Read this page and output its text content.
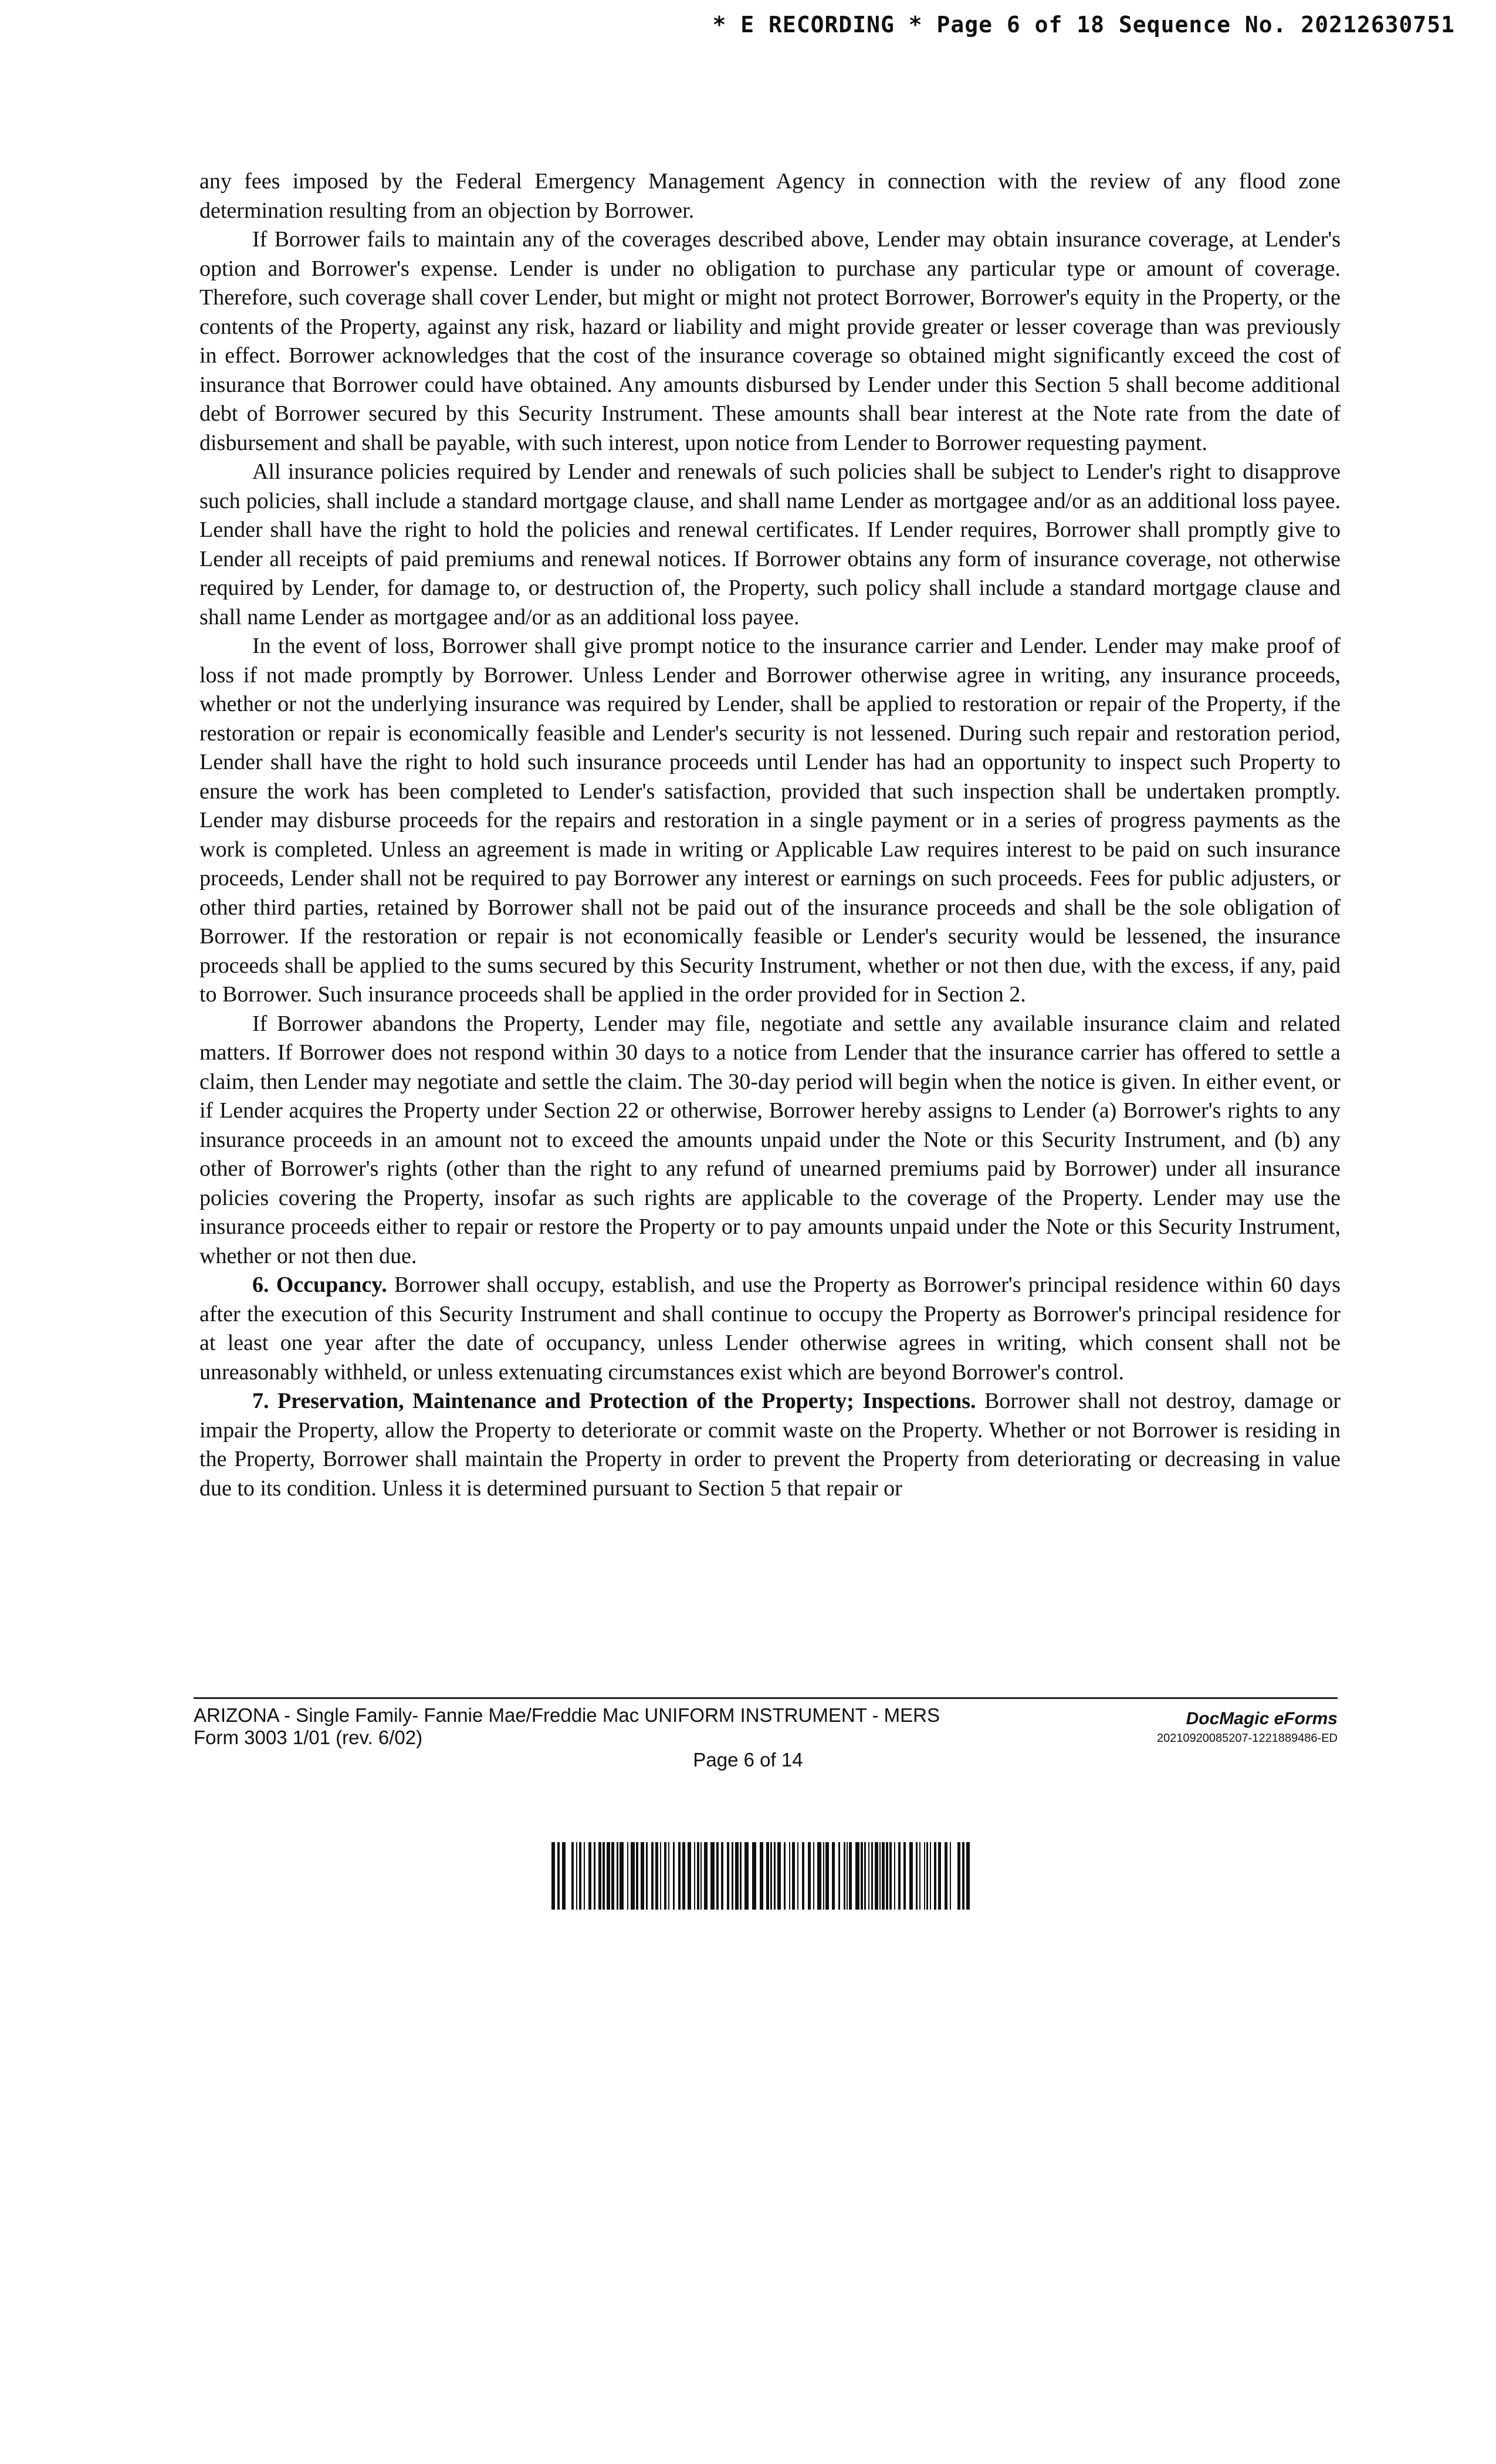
* E RECORDING * Page 6 of 18 Sequence No. 20212630751

any fees imposed by the Federal Emergency Management Agency in connection with the review of any flood zone determination resulting from an objection by Borrower.

If Borrower fails to maintain any of the coverages described above, Lender may obtain insurance coverage, at Lender's option and Borrower's expense. Lender is under no obligation to purchase any particular type or amount of coverage. Therefore, such coverage shall cover Lender, but might or might not protect Borrower, Borrower's equity in the Property, or the contents of the Property, against any risk, hazard or liability and might provide greater or lesser coverage than was previously in effect. Borrower acknowledges that the cost of the insurance coverage so obtained might significantly exceed the cost of insurance that Borrower could have obtained. Any amounts disbursed by Lender under this Section 5 shall become additional debt of Borrower secured by this Security Instrument. These amounts shall bear interest at the Note rate from the date of disbursement and shall be payable, with such interest, upon notice from Lender to Borrower requesting payment.

All insurance policies required by Lender and renewals of such policies shall be subject to Lender's right to disapprove such policies, shall include a standard mortgage clause, and shall name Lender as mortgagee and/or as an additional loss payee. Lender shall have the right to hold the policies and renewal certificates. If Lender requires, Borrower shall promptly give to Lender all receipts of paid premiums and renewal notices. If Borrower obtains any form of insurance coverage, not otherwise required by Lender, for damage to, or destruction of, the Property, such policy shall include a standard mortgage clause and shall name Lender as mortgagee and/or as an additional loss payee.

In the event of loss, Borrower shall give prompt notice to the insurance carrier and Lender. Lender may make proof of loss if not made promptly by Borrower. Unless Lender and Borrower otherwise agree in writing, any insurance proceeds, whether or not the underlying insurance was required by Lender, shall be applied to restoration or repair of the Property, if the restoration or repair is economically feasible and Lender's security is not lessened. During such repair and restoration period, Lender shall have the right to hold such insurance proceeds until Lender has had an opportunity to inspect such Property to ensure the work has been completed to Lender's satisfaction, provided that such inspection shall be undertaken promptly. Lender may disburse proceeds for the repairs and restoration in a single payment or in a series of progress payments as the work is completed. Unless an agreement is made in writing or Applicable Law requires interest to be paid on such insurance proceeds, Lender shall not be required to pay Borrower any interest or earnings on such proceeds. Fees for public adjusters, or other third parties, retained by Borrower shall not be paid out of the insurance proceeds and shall be the sole obligation of Borrower. If the restoration or repair is not economically feasible or Lender's security would be lessened, the insurance proceeds shall be applied to the sums secured by this Security Instrument, whether or not then due, with the excess, if any, paid to Borrower. Such insurance proceeds shall be applied in the order provided for in Section 2.

If Borrower abandons the Property, Lender may file, negotiate and settle any available insurance claim and related matters. If Borrower does not respond within 30 days to a notice from Lender that the insurance carrier has offered to settle a claim, then Lender may negotiate and settle the claim. The 30-day period will begin when the notice is given. In either event, or if Lender acquires the Property under Section 22 or otherwise, Borrower hereby assigns to Lender (a) Borrower's rights to any insurance proceeds in an amount not to exceed the amounts unpaid under the Note or this Security Instrument, and (b) any other of Borrower's rights (other than the right to any refund of unearned premiums paid by Borrower) under all insurance policies covering the Property, insofar as such rights are applicable to the coverage of the Property. Lender may use the insurance proceeds either to repair or restore the Property or to pay amounts unpaid under the Note or this Security Instrument, whether or not then due.

6. Occupancy. Borrower shall occupy, establish, and use the Property as Borrower's principal residence within 60 days after the execution of this Security Instrument and shall continue to occupy the Property as Borrower's principal residence for at least one year after the date of occupancy, unless Lender otherwise agrees in writing, which consent shall not be unreasonably withheld, or unless extenuating circumstances exist which are beyond Borrower's control.

7. Preservation, Maintenance and Protection of the Property; Inspections. Borrower shall not destroy, damage or impair the Property, allow the Property to deteriorate or commit waste on the Property. Whether or not Borrower is residing in the Property, Borrower shall maintain the Property in order to prevent the Property from deteriorating or decreasing in value due to its condition. Unless it is determined pursuant to Section 5 that repair or

ARIZONA - Single Family- Fannie Mae/Freddie Mac UNIFORM INSTRUMENT - MERS
Form 3003 1/01 (rev. 6/02)
DocMagic eForms
20210920085207-1221889486-ED
Page 6 of 14
